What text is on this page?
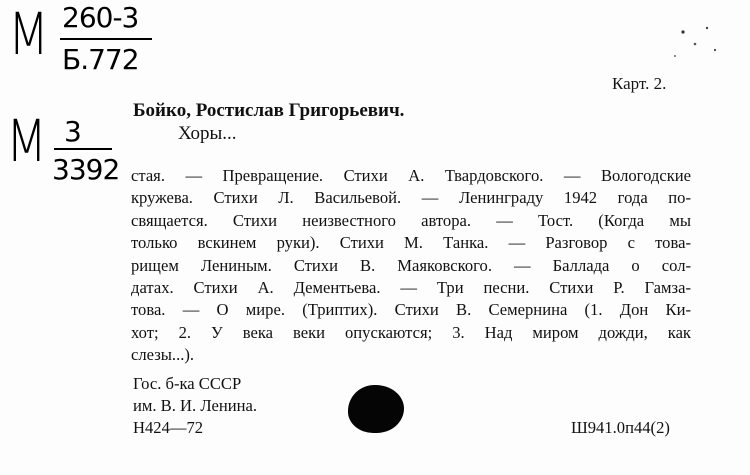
М 260-3
Б.772
М 3
3392
Карт. 2.
Бойко, Ростислав Григорьевич.
Хоры...
стая. — Превращение. Стихи А. Твардовского. — Вологодские
кружева. Стихи Л. Васильевой. — Ленинграду 1942 года по-
свящается. Стихи неизвестного автора. — Тост. (Когда мы
только вскинем руки). Стихи М. Танка. — Разговор с това-
рищем Лениным. Стихи В. Маяковского. — Баллада о сол-
датах. Стихи А. Дементьева. — Три песни. Стихи Р. Гамза-
това. — О мире. (Триптих). Стихи В. Семернина (1. Дон Ки-
хот; 2. У века веки опускаются; 3. Над миром дожди, как
слезы...).
Гос. б-ка СССР
им. В. И. Ленина.
Н424—72	Ш941.0п44(2)
